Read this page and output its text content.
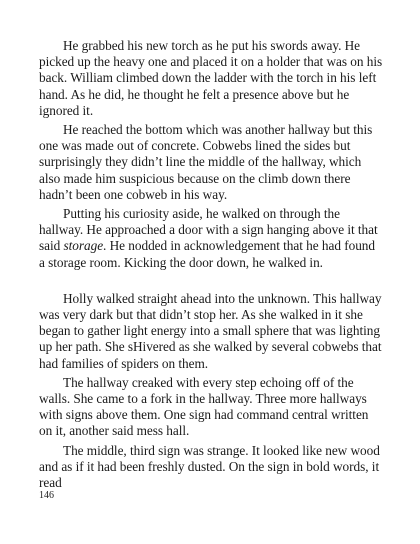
He grabbed his new torch as he put his swords away. He picked up the heavy one and placed it on a holder that was on his back. William climbed down the ladder with the torch in his left hand. As he did, he thought he felt a presence above but he ignored it.

He reached the bottom which was another hallway but this one was made out of concrete. Cobwebs lined the sides but surprisingly they didn’t line the middle of the hallway, which also made him suspicious because on the climb down there hadn’t been one cobweb in his way.

Putting his curiosity aside, he walked on through the hallway. He approached a door with a sign hanging above it that said storage. He nodded in acknowledgement that he had found a storage room. Kicking the door down, he walked in.

Holly walked straight ahead into the unknown. This hallway was very dark but that didn’t stop her. As she walked in it she began to gather light energy into a small sphere that was lighting up her path. She sHivered as she walked by several cobwebs that had families of spiders on them.

The hallway creaked with every step echoing off of the walls. She came to a fork in the hallway. Three more hallways with signs above them. One sign had command central written on it, another said mess hall.

The middle, third sign was strange. It looked like new wood and as if it had been freshly dusted. On the sign in bold words, it read

146
